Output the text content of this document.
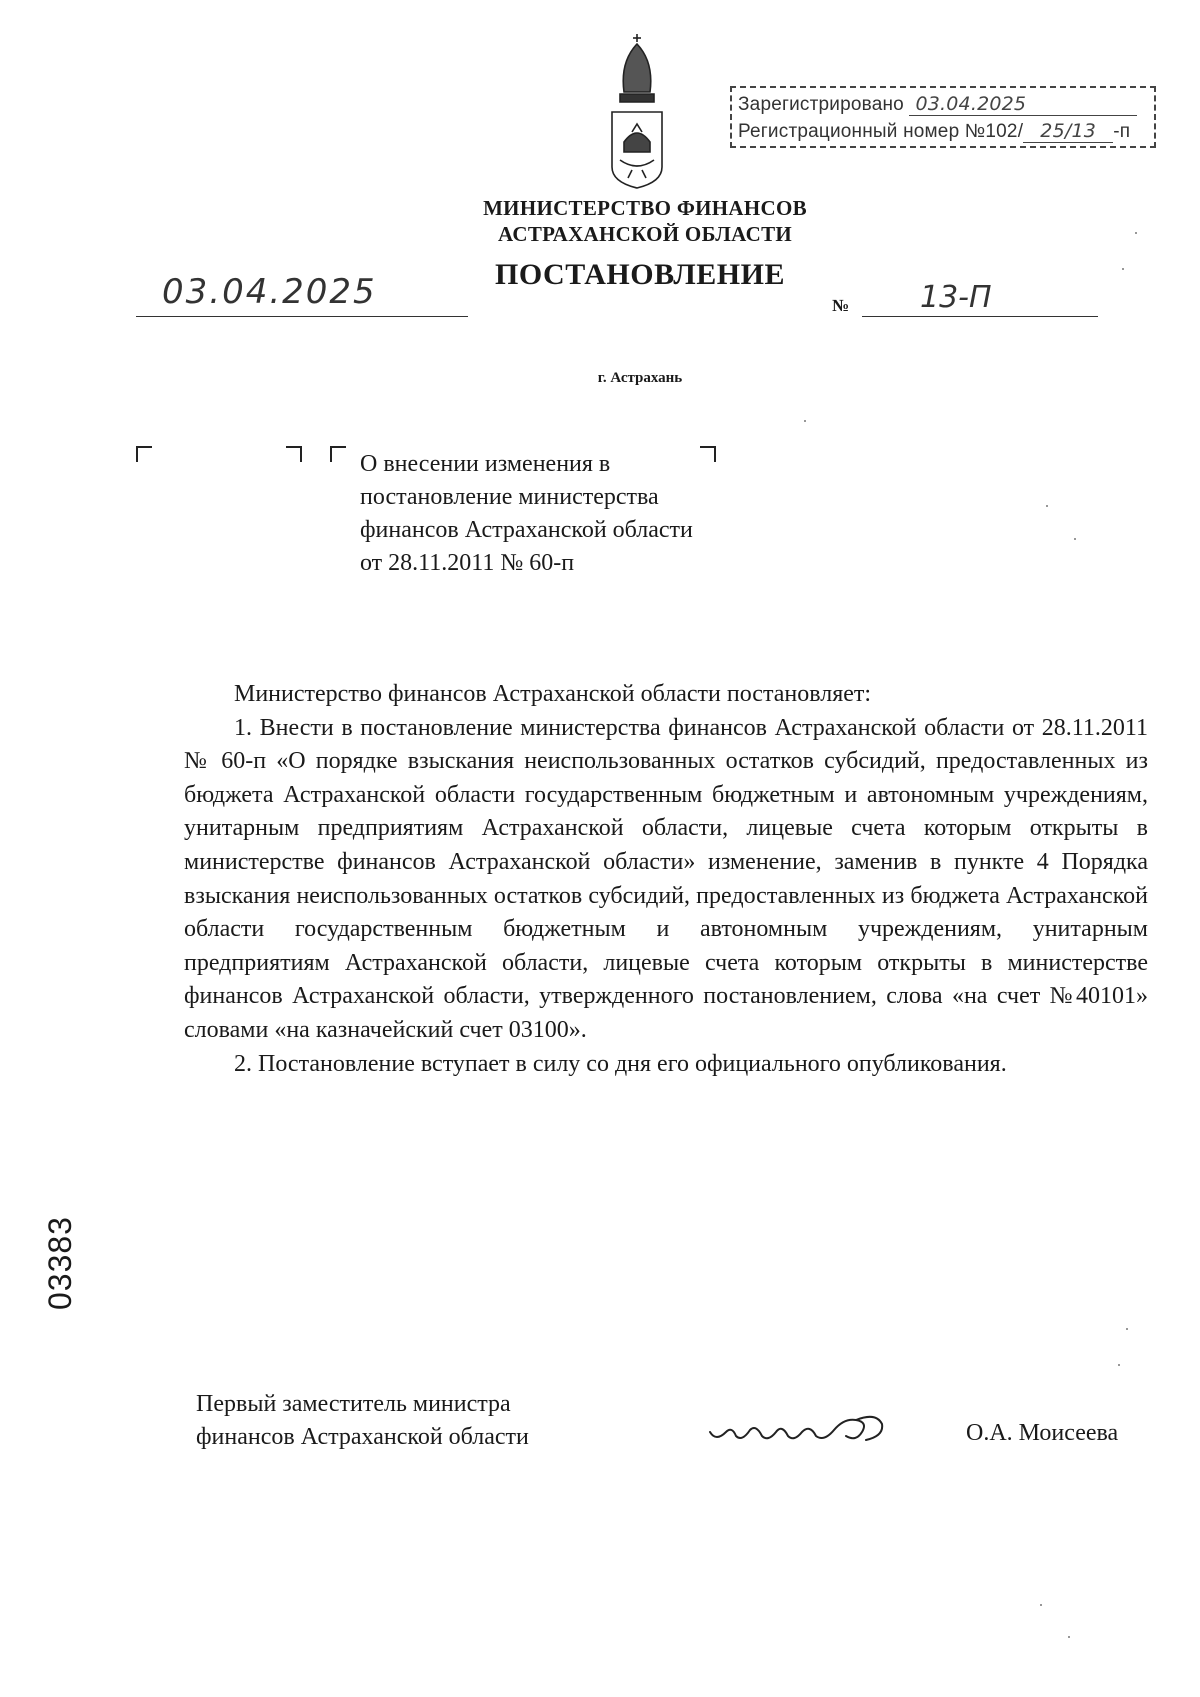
Зарегистрировано 03.04.2025
Регистрационный номер №102/ 25/13 -п
МИНИСТЕРСТВО ФИНАНСОВ
АСТРАХАНСКОЙ ОБЛАСТИ
ПОСТАНОВЛЕНИЕ
03.04.2025	№ 13-П
г. Астрахань
О внесении изменения в
постановление министерства
финансов Астраханской области
от 28.11.2011 № 60-п

Министерство финансов Астраханской области постановляет:

1. Внести в постановление министерства финансов Астраханской области от 28.11.2011 № 60-п «О порядке взыскания неиспользованных остатков субсидий, предоставленных из бюджета Астраханской области государственным бюджетным и автономным учреждениям, унитарным предприятиям Астраханской области, лицевые счета которым открыты в министерстве финансов Астраханской области» изменение, заменив в пункте 4 Порядка взыскания неиспользованных остатков субсидий, предоставленных из бюджета Астраханской области государственным бюджетным и автономным учреждениям, унитарным предприятиям Астраханской области, лицевые счета которым открыты в министерстве финансов Астраханской области, утвержденного постановлением, слова «на счет №40101» словами «на казначейский счет 03100».

2. Постановление вступает в силу со дня его официального опубликования.

03383
Первый заместитель министра
финансов Астраханской области	О.А. Моисеева
